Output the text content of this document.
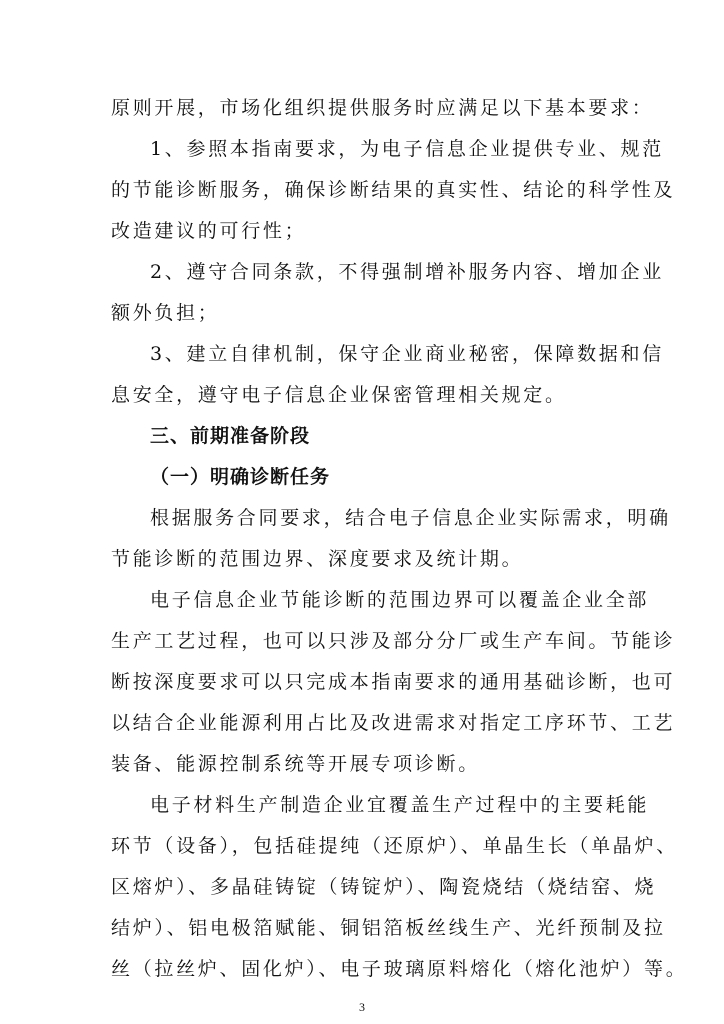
原则开展，市场化组织提供服务时应满足以下基本要求：
1、参照本指南要求，为电子信息企业提供专业、规范
的节能诊断服务，确保诊断结果的真实性、结论的科学性及
改造建议的可行性；
2、遵守合同条款，不得强制增补服务内容、增加企业
额外负担；
3、建立自律机制，保守企业商业秘密，保障数据和信
息安全，遵守电子信息企业保密管理相关规定。
三、前期准备阶段
（一）明确诊断任务
根据服务合同要求，结合电子信息企业实际需求，明确
节能诊断的范围边界、深度要求及统计期。
电子信息企业节能诊断的范围边界可以覆盖企业全部
生产工艺过程，也可以只涉及部分分厂或生产车间。节能诊
断按深度要求可以只完成本指南要求的通用基础诊断，也可
以结合企业能源利用占比及改进需求对指定工序环节、工艺
装备、能源控制系统等开展专项诊断。
电子材料生产制造企业宜覆盖生产过程中的主要耗能
环节（设备），包括硅提纯（还原炉）、单晶生长（单晶炉、
区熔炉）、多晶硅铸锭（铸锭炉）、陶瓷烧结（烧结窑、烧
结炉）、铝电极箔赋能、铜铝箔板丝线生产、光纤预制及拉
丝（拉丝炉、固化炉）、电子玻璃原料熔化（熔化池炉）等。
3
